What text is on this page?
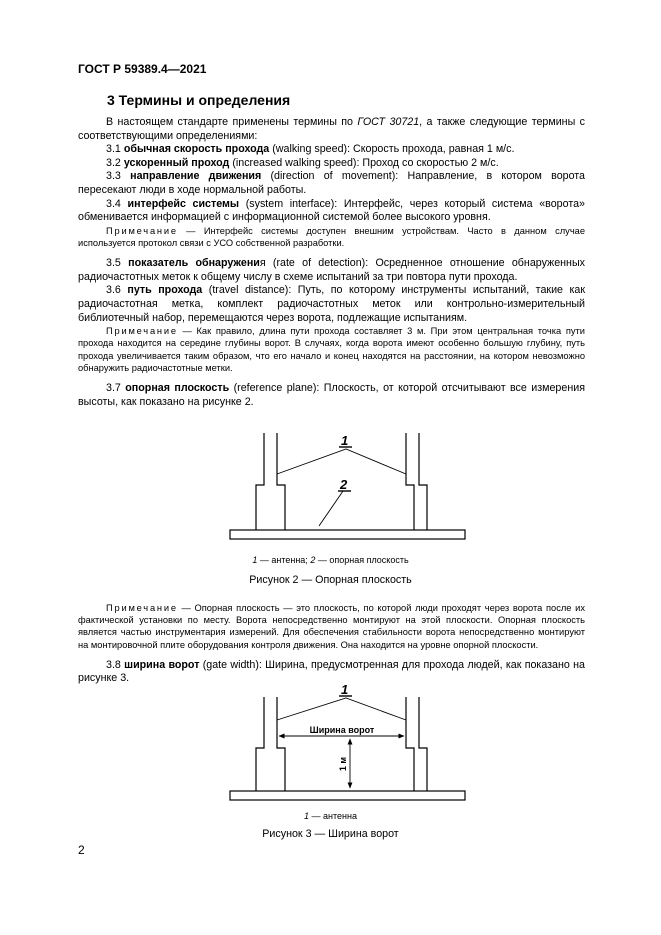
ГОСТ Р 59389.4—2021
3 Термины и определения

В настоящем стандарте применены термины по ГОСТ 30721, а также следующие термины с соответствующими определениями:

3.1 обычная скорость прохода (walking speed): Скорость прохода, равная 1 м/с.

3.2 ускоренный проход (increased walking speed): Проход со скоростью 2 м/с.

3.3 направление движения (direction of movement): Направление, в котором ворота пересекают люди в ходе нормальной работы.

3.4 интерфейс системы (system interface): Интерфейс, через который система «ворота» обменивается информацией с информационной системой более высокого уровня.

Примечание — Интерфейс системы доступен внешним устройствам. Часто в данном случае используется протокол связи с УСО собственной разработки.

3.5 показатель обнаружения (rate of detection): Осредненное отношение обнаруженных радиочастотных меток к общему числу в схеме испытаний за три повтора пути прохода.

3.6 путь прохода (travel distance): Путь, по которому инструменты испытаний, такие как радиочастотная метка, комплект радиочастотных меток или контрольно-измерительный библиотечный набор, перемещаются через ворота, подлежащие испытаниям.

Примечание — Как правило, длина пути прохода составляет 3 м. При этом центральная точка пути прохода находится на середине глубины ворот. В случаях, когда ворота имеют особенно большую глубину, путь прохода увеличивается таким образом, что его начало и конец находятся на расстоянии, на котором невозможно обнаружить радиочастотные метки.

3.7 опорная плоскость (reference plane): Плоскость, от которой отсчитывают все измерения высоты, как показано на рисунке 2.

1
2
1 — антенна; 2 — опорная плоскость
Рисунок 2 — Опорная плоскость

Примечание — Опорная плоскость — это плоскость, по которой люди проходят через ворота после их фактической установки по месту. Ворота непосредственно монтируют на этой плоскости. Опорная плоскость является частью инструментария измерений. Для обеспечения стабильности ворота непосредственно монтируют на монтировочной плите оборудования контроля движения. Она находится на уровне опорной плоскости.

3.8 ширина ворот (gate width): Ширина, предусмотренная для прохода людей, как показано на рисунке 3.

1
Ширина ворот
1 м
1 — антенна
Рисунок 3 — Ширина ворот
2
